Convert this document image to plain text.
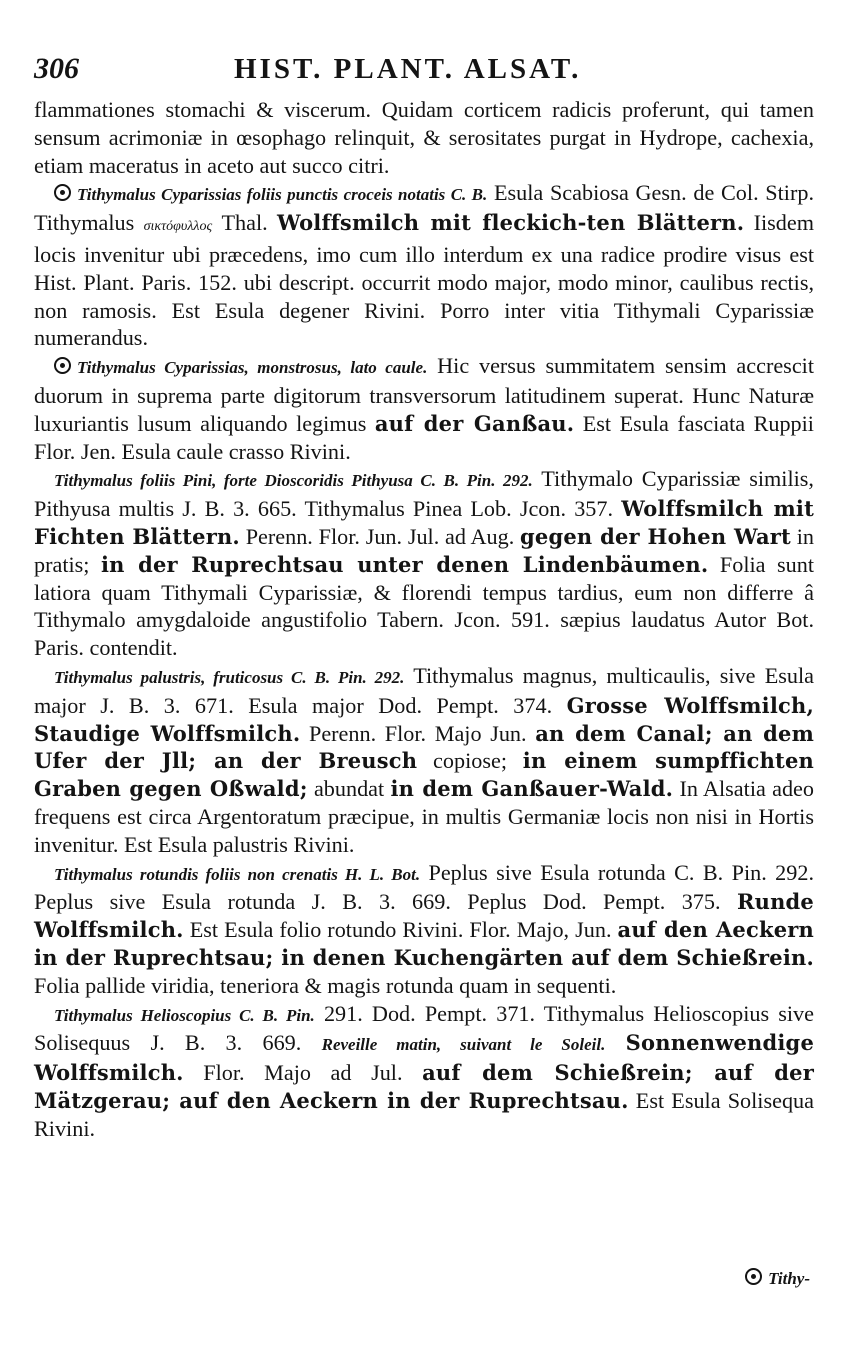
306	HIST. PLANT. ALSAT.

flammationes stomachi & viscerum. Quidam corticem radicis proferunt, qui tamen sensum acrimoniæ in œsophago relinquit, & serositates purgat in Hydrope, cachexia, etiam maceratus in aceto aut succo citri.

Tithymalus Cyparissias foliis punctis croceis notatis C. B. Esula Scabiosa Gesn. de Col. Stirp. Tithymalus σικτόφυλλος Thal. Wolffsmilch mit fleckich-ten Blättern. Iisdem locis invenitur ubi præcedens, imo cum illo interdum ex una radice prodire visus est Hist. Plant. Paris. 152. ubi descript. occurrit modo major, modo minor, caulibus rectis, non ramosis. Est Esula degener Rivini. Porro inter vitia Tithymali Cyparissiæ numerandus.

Tithymalus Cyparissias, monstrosus, lato caule. Hic versus summitatem sensim accrescit duorum in suprema parte digitorum transversorum latitudinem superat. Hunc Naturæ luxuriantis lusum aliquando legimus auf der Ganßau. Est Esula fasciata Ruppii Flor. Jen. Esula caule crasso Rivini.

Tithymalus foliis Pini, forte Dioscoridis Pithyusa C. B. Pin. 292. Tithymalo Cyparissiæ similis, Pithyusa multis J. B. 3. 665. Tithymalus Pinea Lob. Jcon. 357. Wolffsmilch mit Fichten Blättern. Perenn. Flor. Jun. Jul. ad Aug. gegen der Hohen Wart in pratis; in der Ruprechtsau unter denen Lindenbäumen. Folia sunt latiora quam Tithymali Cyparissiæ, & florendi tempus tardius, eum non differre â Tithymalo amygdaloide angustifolio Tabern. Jcon. 591. sæpius laudatus Autor Bot. Paris. contendit.

Tithymalus palustris, fruticosus C. B. Pin. 292. Tithymalus magnus, multicaulis, sive Esula major J. B. 3. 671. Esula major Dod. Pempt. 374. Grosse Wolffsmilch, Staudige Wolffsmilch. Perenn. Flor. Majo Jun. an dem Canal; an dem Ufer der Jll; an der Breusch copiose; in einem sumpffichten Graben gegen Oßwald; abundat in dem Ganßauer-Wald. In Alsatia adeo frequens est circa Argentoratum præcipue, in multis Germaniæ locis non nisi in Hortis invenitur. Est Esula palustris Rivini.

Tithymalus rotundis foliis non crenatis H. L. Bot. Peplus sive Esula rotunda C. B. Pin. 292. Peplus sive Esula rotunda J. B. 3. 669. Peplus Dod. Pempt. 375. Runde Wolffsmilch. Est Esula folio rotundo Rivini. Flor. Majo, Jun. auf den Aeckern in der Ruprechtsau; in denen Kuchengärten auf dem Schießrein. Folia pallide viridia, teneriora & magis rotunda quam in sequenti.

Tithymalus Helioscopius C. B. Pin. 291. Dod. Pempt. 371. Tithymalus Helioscopius sive Solisequus J. B. 3. 669. Reveille matin, suivant le Soleil. Sonnenwendige Wolffsmilch. Flor. Majo ad Jul. auf dem Schießrein; auf der Mätzgerau; auf den Aeckern in der Ruprechtsau. Est Esula Solisequa Rivini.

Tithy-
